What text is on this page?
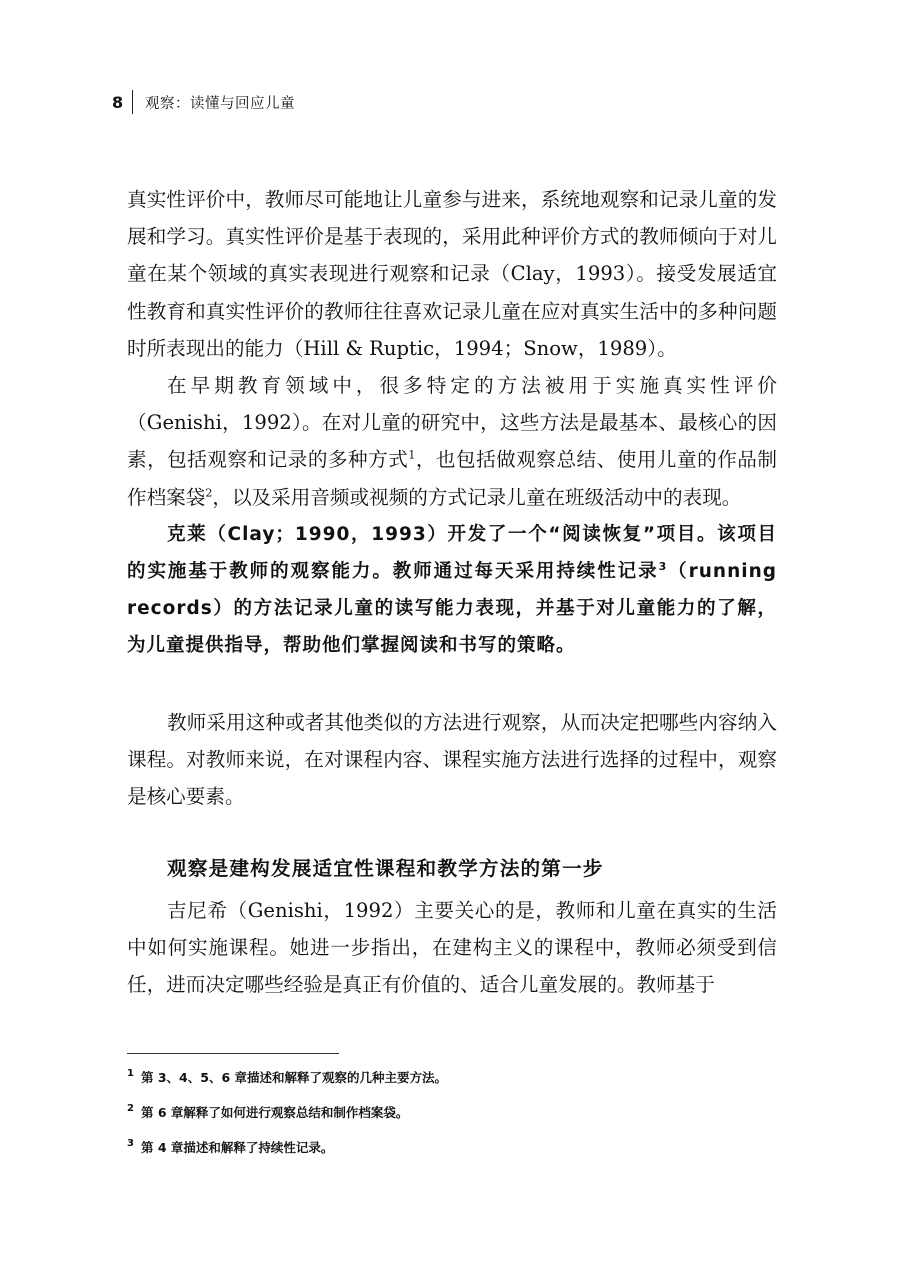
8 观察：读懂与回应儿童

真实性评价中，教师尽可能地让儿童参与进来，系统地观察和记录儿童的发展和学习。真实性评价是基于表现的，采用此种评价方式的教师倾向于对儿童在某个领域的真实表现进行观察和记录（Clay，1993）。接受发展适宜性教育和真实性评价的教师往往喜欢记录儿童在应对真实生活中的多种问题时所表现出的能力（Hill & Ruptic，1994；Snow，1989）。

在早期教育领域中，很多特定的方法被用于实施真实性评价（Genishi，1992）。在对儿童的研究中，这些方法是最基本、最核心的因素，包括观察和记录的多种方式$^1$，也包括做观察总结、使用儿童的作品制作档案袋$^2$，以及采用音频或视频的方式记录儿童在班级活动中的表现。

克莱（Clay；1990，1993）开发了一个“阅读恢复”项目。该项目的实施基于教师的观察能力。教师通过每天采用持续性记录$^3$（running records）的方法记录儿童的读写能力表现，并基于对儿童能力的了解，为儿童提供指导，帮助他们掌握阅读和书写的策略。

教师采用这种或者其他类似的方法进行观察，从而决定把哪些内容纳入课程。对教师来说，在对课程内容、课程实施方法进行选择的过程中，观察是核心要素。

观察是建构发展适宜性课程和教学方法的第一步

吉尼希（Genishi，1992）主要关心的是，教师和儿童在真实的生活中如何实施课程。她进一步指出，在建构主义的课程中，教师必须受到信任，进而决定哪些经验是真正有价值的、适合儿童发展的。教师基于

1 第 3、4、5、6 章描述和解释了观察的几种主要方法。

2 第 6 章解释了如何进行观察总结和制作档案袋。

3 第 4 章描述和解释了持续性记录。
